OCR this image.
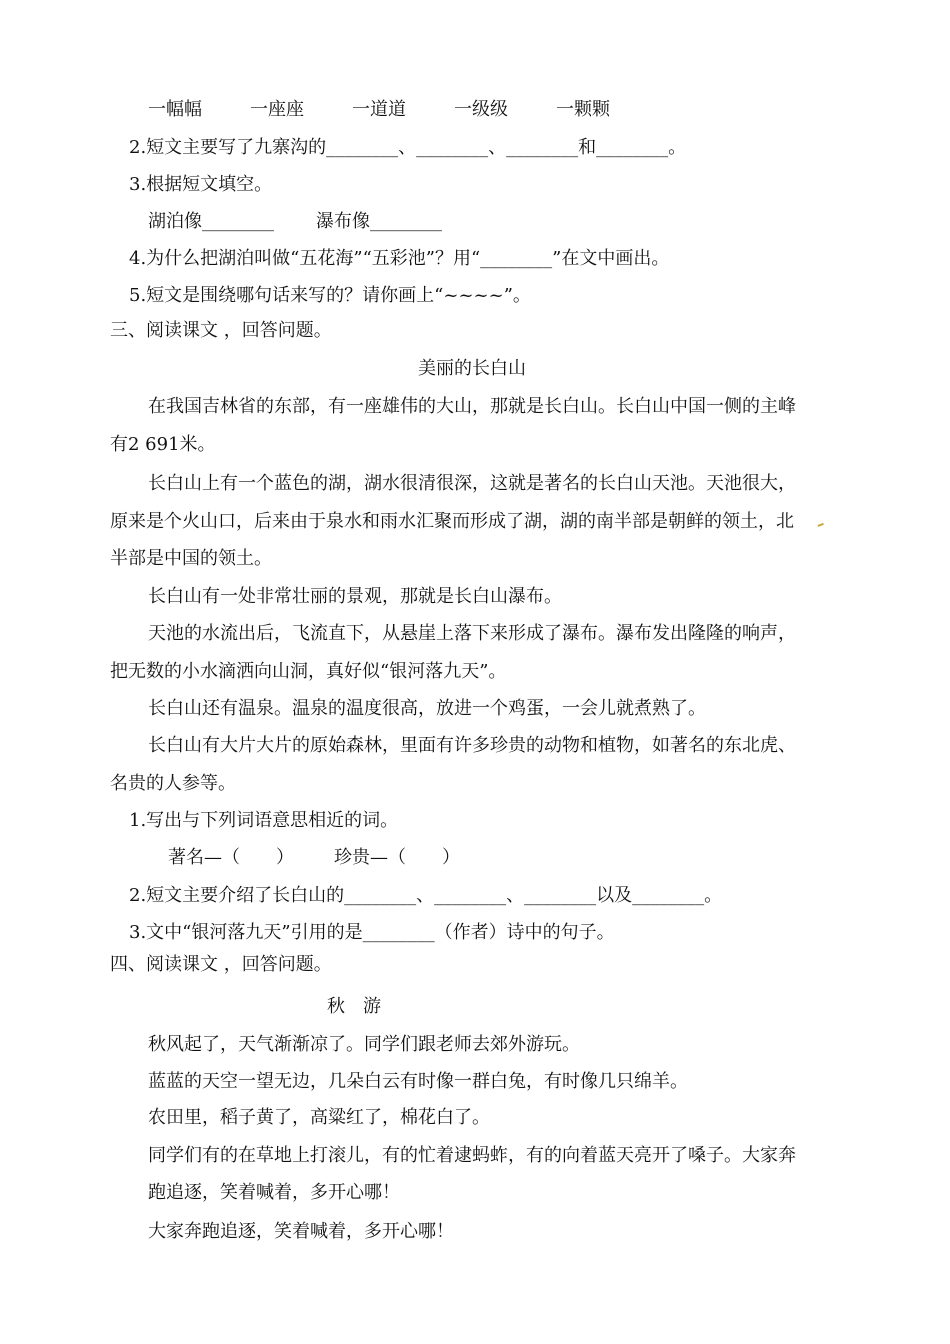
一幅幅	一座座	一道道	一级级	一颗颗
2.短文主要写了九寨沟的________、________、________和________。
3.根据短文填空。
湖泊像________ 瀑布像________
4.为什么把湖泊叫做“五花海”“五彩池”？用“________”在文中画出。
5.短文是围绕哪句话来写的？请你画上“~~~~”。
三、阅读课文 ，回答问题。
美丽的长白山
在我国吉林省的东部，有一座雄伟的大山，那就是长白山。长白山中国一侧的主峰
有2 691米。
长白山上有一个蓝色的湖，湖水很清很深，这就是著名的长白山天池。天池很大，
原来是个火山口，后来由于泉水和雨水汇聚而形成了湖，湖的南半部是朝鲜的领土，北
半部是中国的领土。
长白山有一处非常壮丽的景观，那就是长白山瀑布。
天池的水流出后，飞流直下，从悬崖上落下来形成了瀑布。瀑布发出隆隆的响声，
把无数的小水滴洒向山洞，真好似“银河落九天”。
长白山还有温泉。温泉的温度很高，放进一个鸡蛋，一会儿就煮熟了。
长白山有大片大片的原始森林，里面有许多珍贵的动物和植物，如著名的东北虎、
名贵的人参等。
1.写出与下列词语意思相近的词。
著名—（　　） 珍贵—（　　）
2.短文主要介绍了长白山的________、________、________以及________。
3.文中“银河落九天”引用的是________（作者）诗中的句子。
四、阅读课文 ，回答问题。
秋　游
秋风起了，天气渐渐凉了。同学们跟老师去郊外游玩。
蓝蓝的天空一望无边，几朵白云有时像一群白兔，有时像几只绵羊。
农田里，稻子黄了，高粱红了，棉花白了。
同学们有的在草地上打滚儿，有的忙着逮蚂蚱，有的向着蓝天亮开了嗓子。大家奔
跑追逐，笑着喊着，多开心哪！
大家奔跑追逐，笑着喊着，多开心哪！
